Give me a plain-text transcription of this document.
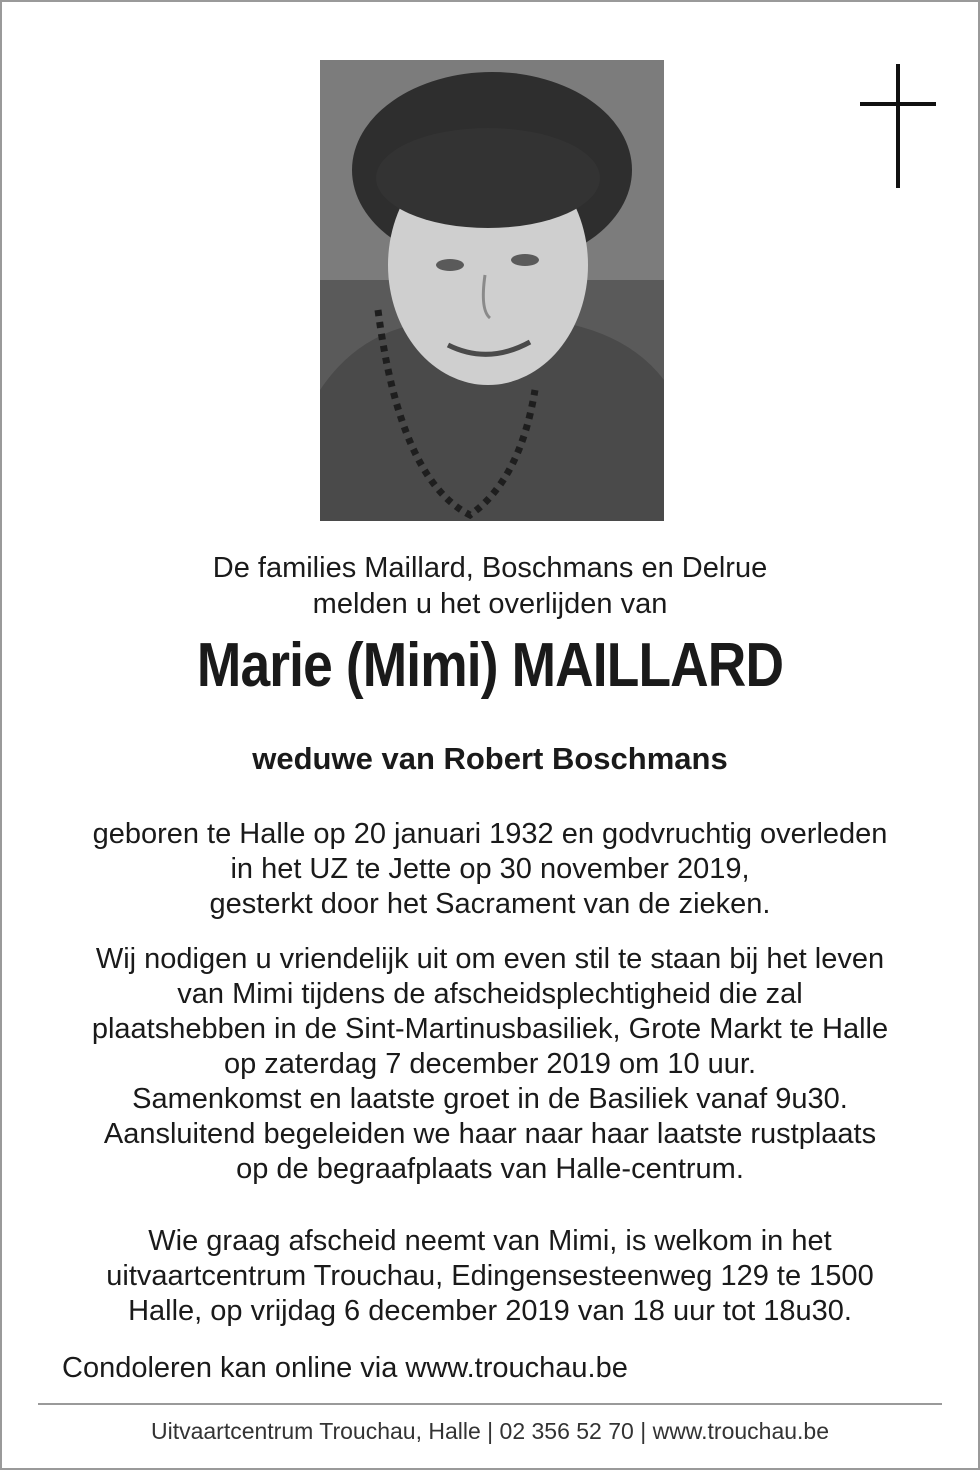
De families Maillard, Boschmans en Delrue
melden u het overlijden van
Marie (Mimi) MAILLARD
weduwe van Robert Boschmans
geboren te Halle op 20 januari 1932 en godvruchtig overleden
in het UZ te Jette op 30 november 2019,
gesterkt door het Sacrament van de zieken.
Wij nodigen u vriendelijk uit om even stil te staan bij het leven
van Mimi tijdens de afscheidsplechtigheid die zal
plaatshebben in de Sint-Martinusbasiliek, Grote Markt te Halle
op zaterdag 7 december 2019 om 10 uur.
Samenkomst en laatste groet in de Basiliek vanaf 9u30.
Aansluitend begeleiden we haar naar haar laatste rustplaats
op de begraafplaats van Halle-centrum.
Wie graag afscheid neemt van Mimi, is welkom in het
uitvaartcentrum Trouchau, Edingensesteenweg 129 te 1500
Halle, op vrijdag 6 december 2019 van 18 uur tot 18u30.
Condoleren kan online via www.trouchau.be
Uitvaartcentrum Trouchau, Halle | 02 356 52 70 | www.trouchau.be
